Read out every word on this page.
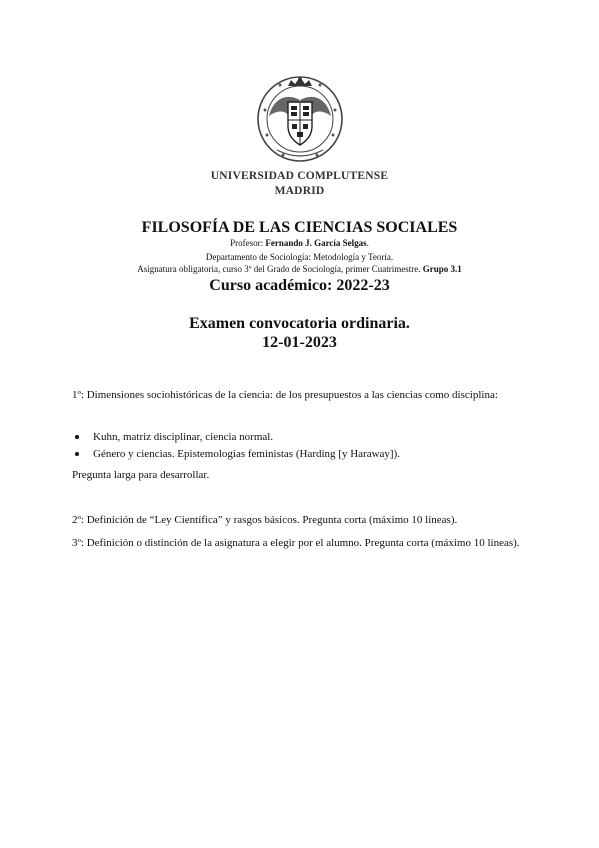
UNIVERSIDAD COMPLUTENSE
MADRID
FILOSOFÍA DE LAS CIENCIAS SOCIALES
Profesor: Fernando J. García Selgas.
Departamento de Sociología: Metodología y Teoría.
Asignatura obligatoria, curso 3º del Grado de Sociología, primer Cuatrimestre. Grupo 3.1
Curso académico: 2022-23
Examen convocatoria ordinaria.
12-01-2023
1º: Dimensiones sociohistóricas de la ciencia: de los presupuestos a las ciencias como disciplina:
Kuhn, matriz disciplinar, ciencia normal.
Género y ciencias. Epistemologías feministas (Harding [y Haraway]).
Pregunta larga para desarrollar.
2º: Definición de “Ley Científica” y rasgos básicos. Pregunta corta (máximo 10 líneas).
3º: Definición o distinción de la asignatura a elegir por el alumno. Pregunta corta (máximo 10 líneas).
